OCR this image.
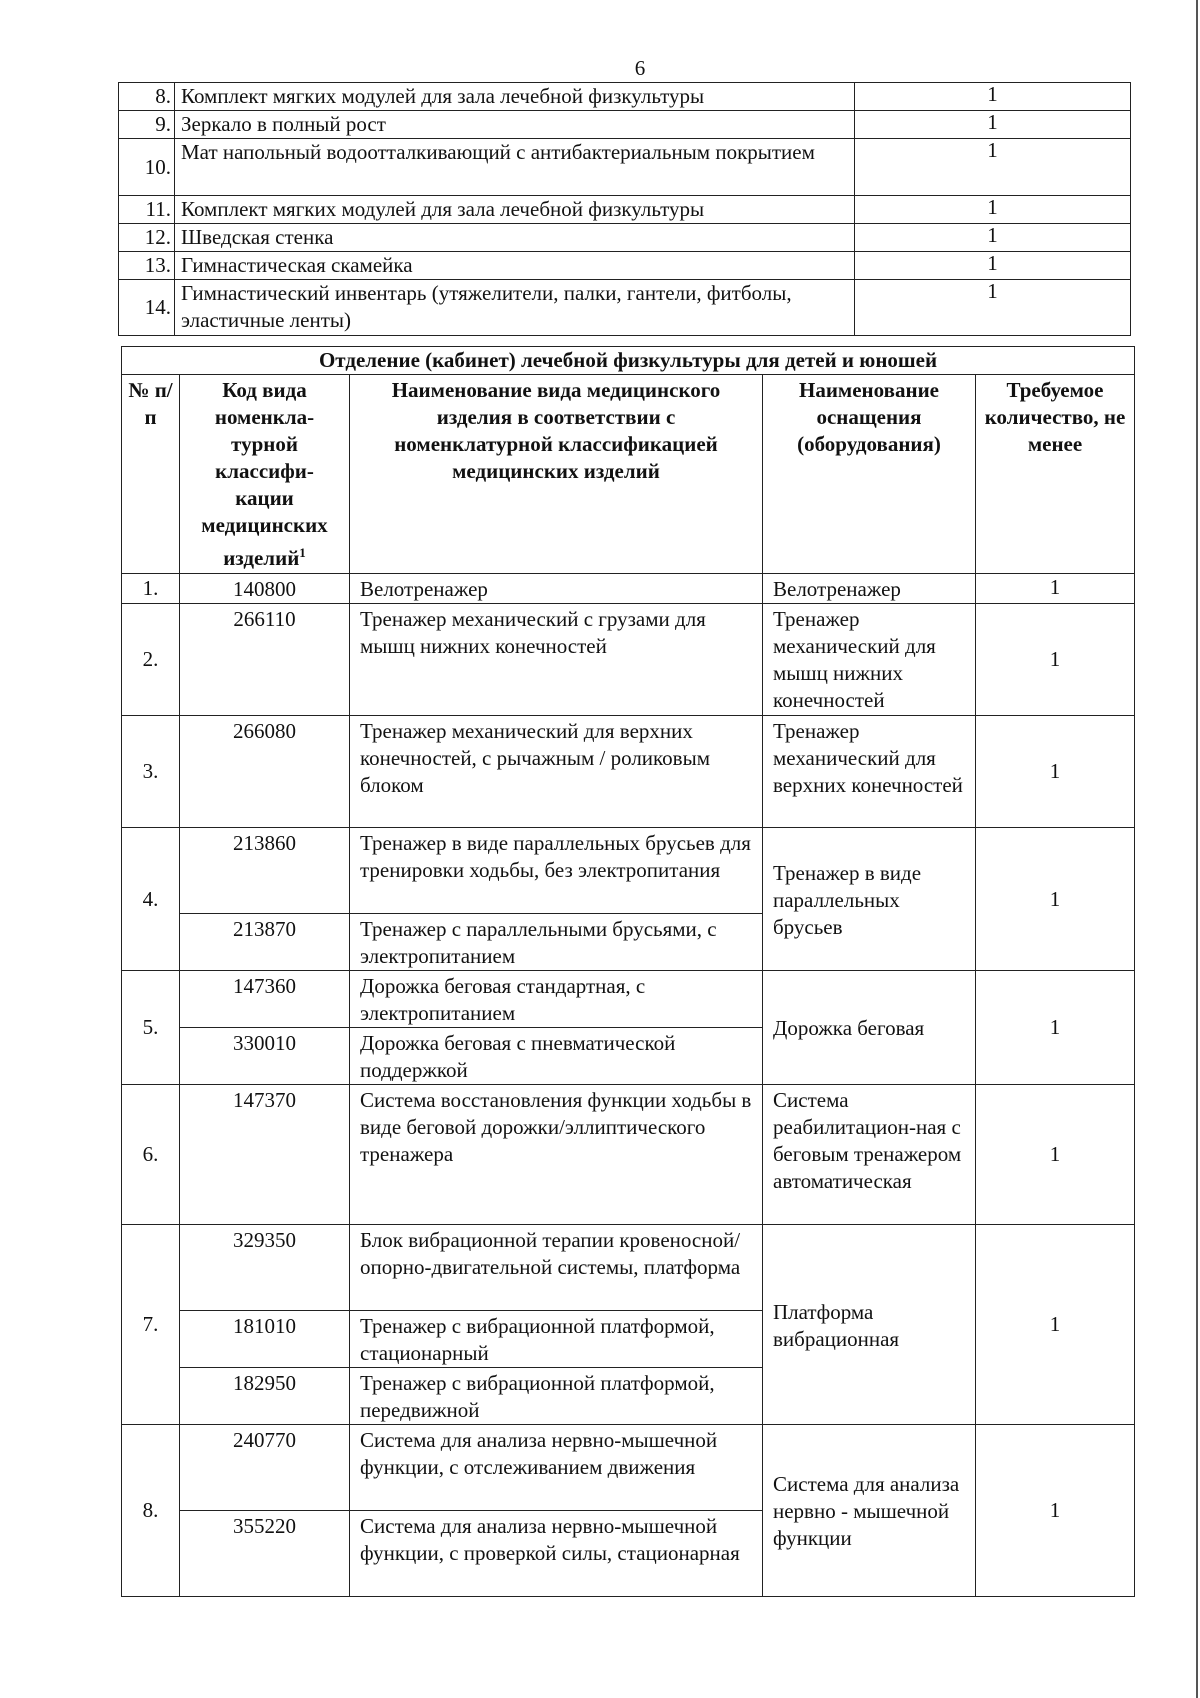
6
8.	Комплект мягких модулей для зала лечебной физкультуры	1
9.	Зеркало в полный рост	1
10.	Мат напольный водоотталкивающий с антибактериальным покрытием	1
11.	Комплект мягких модулей для зала лечебной физкультуры	1
12.	Шведская стенка	1
13.	Гимнастическая скамейка	1
14.	Гимнастический инвентарь (утяжелители, палки, гантели, фитболы, эластичные ленты)	1
Отделение (кабинет) лечебной физкультуры для детей и юношей				
№ п/п	Код вида номенкла-турной классифи-кации медицинских изделий$^1$	Наименование вида медицинского изделия в соответствии с номенклатурной классификацией медицинских изделий	Наименование оснащения (оборудования)	Требуемое количество, не менее
1.	140800	Велотренажер	Велотренажер	1
2.	266110	Тренажер механический с грузами для мышц нижних конечностей	Тренажер механический для мышц нижних конечностей	1
3.	266080	Тренажер механический для верхних конечностей, с рычажным / роликовым блоком	Тренажер механический для верхних конечностей	1
4.	213860	Тренажер в виде параллельных брусьев для тренировки ходьбы, без электропитания	Тренажер в виде параллельных брусьев	1
	213870	Тренажер с параллельными брусьями, с электропитанием		
5.	147360	Дорожка беговая стандартная, с электропитанием	Дорожка беговая	1
	330010	Дорожка беговая с пневматической поддержкой		
6.	147370	Система восстановления функции ходьбы в виде беговой дорожки/эллиптического тренажера	Система реабилитацион-ная с беговым тренажером автоматическая	1
7.	329350	Блок вибрационной терапии кровеносной/опорно-двигательной системы, платформа	Платформа вибрационная	1
	181010	Тренажер с вибрационной платформой, стационарный		
	182950	Тренажер с вибрационной платформой, передвижной		
8.	240770	Система для анализа нервно-мышечной функции, с отслеживанием движения	Система для анализа нервно - мышечной функции	1
	355220	Система для анализа нервно-мышечной функции, с проверкой силы, стационарная		
